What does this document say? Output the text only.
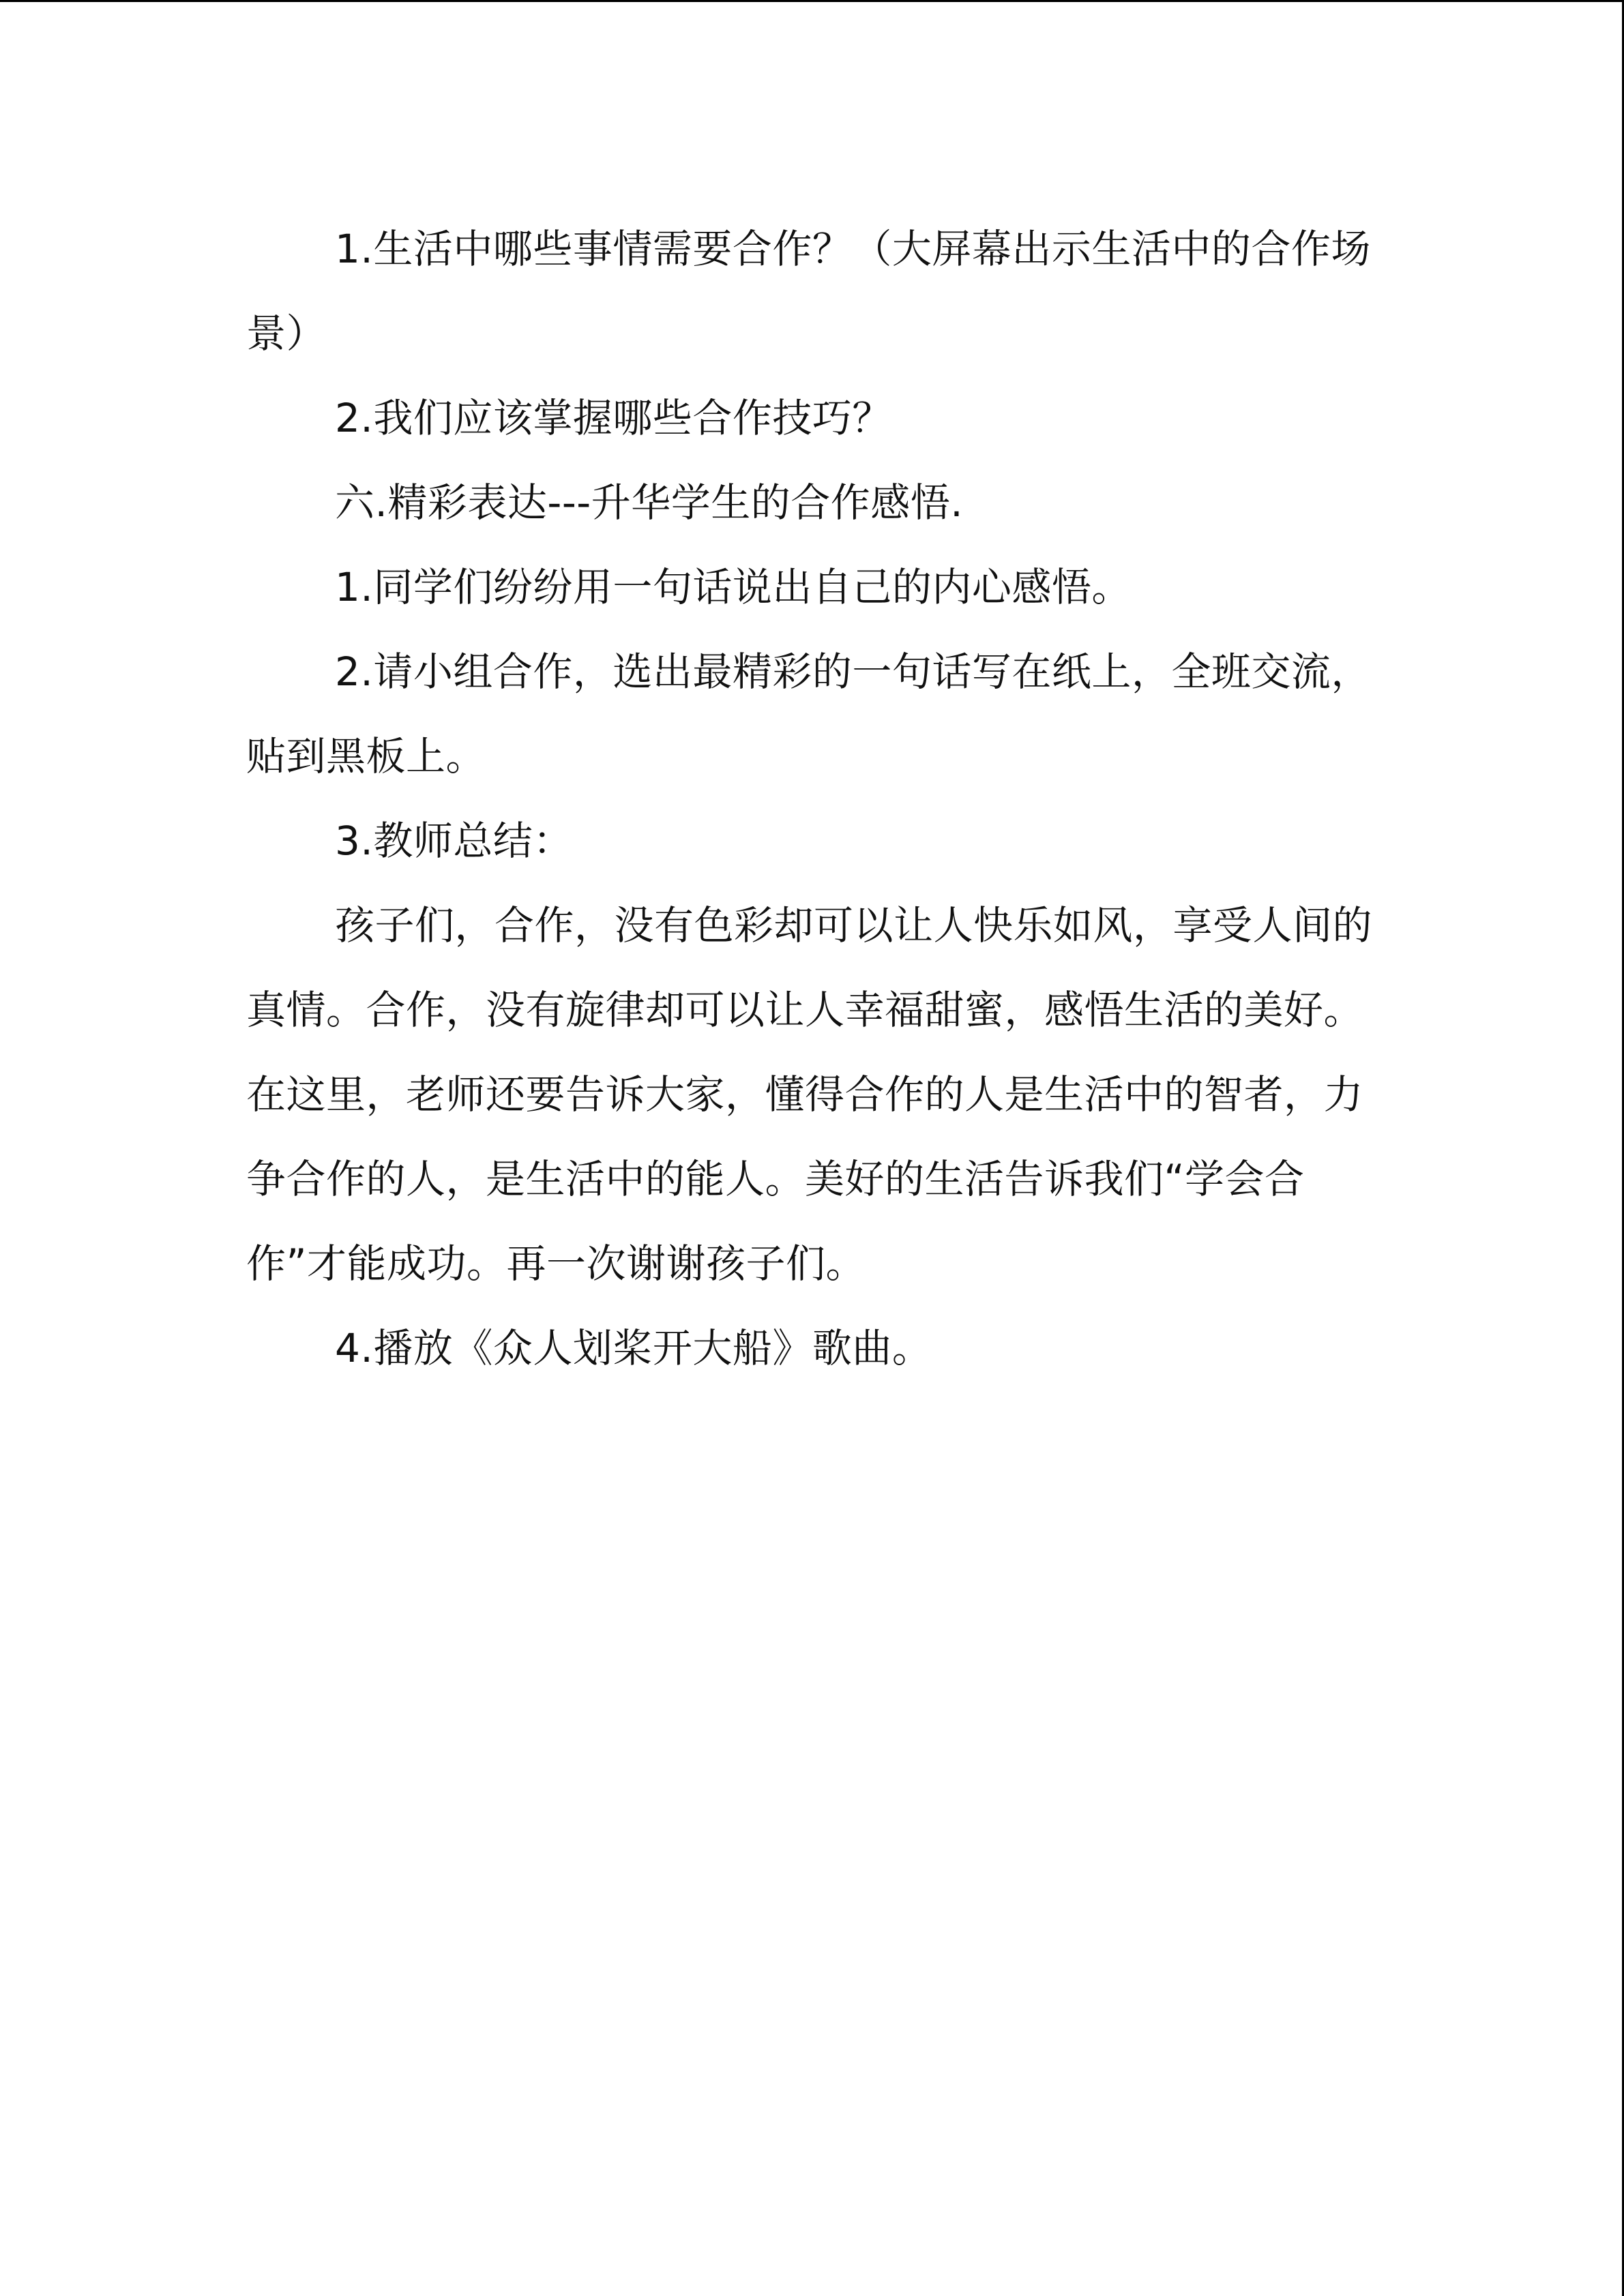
1.生活中哪些事情需要合作？（大屏幕出示生活中的合作场景）

2.我们应该掌握哪些合作技巧？

六.精彩表达---升华学生的合作感悟.

1.同学们纷纷用一句话说出自己的内心感悟。

2.请小组合作，选出最精彩的一句话写在纸上，全班交流，贴到黑板上。

3.教师总结：

孩子们，合作，没有色彩却可以让人快乐如风，享受人间的真情。合作，没有旋律却可以让人幸福甜蜜，感悟生活的美好。在这里，老师还要告诉大家，懂得合作的人是生活中的智者，力争合作的人，是生活中的能人。美好的生活告诉我们“学会合作”才能成功。再一次谢谢孩子们。

4.播放《众人划桨开大船》歌曲。
